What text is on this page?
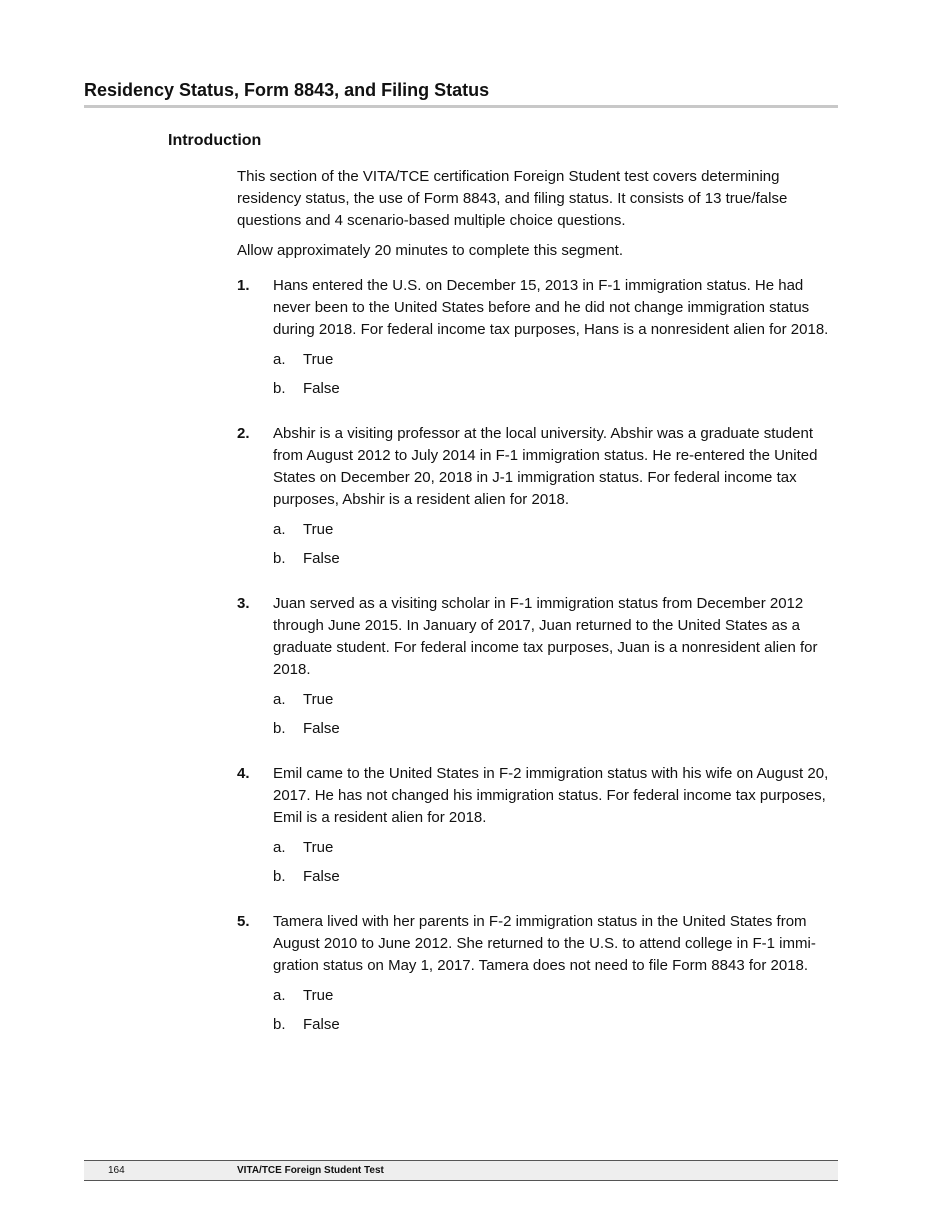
Residency Status, Form 8843, and Filing Status
Introduction

This section of the VITA/TCE certification Foreign Student test covers determining residency status, the use of Form 8843, and filing status. It consists of 13 true/false questions and 4 scenario-based multiple choice questions.

Allow approximately 20 minutes to complete this segment.

1. Hans entered the U.S. on December 15, 2013 in F-1 immigration status. He had never been to the United States before and he did not change immigration status during 2018. For federal income tax purposes, Hans is a nonresident alien for 2018.

a. True
b. False
2. Abshir is a visiting professor at the local university. Abshir was a graduate student from August 2012 to July 2014 in F-1 immigration status. He re-entered the United States on December 20, 2018 in J-1 immigration status. For federal income tax purposes, Abshir is a resident alien for 2018.

a. True
b. False
3. Juan served as a visiting scholar in F-1 immigration status from December 2012 through June 2015. In January of 2017, Juan returned to the United States as a graduate student. For federal income tax purposes, Juan is a nonresident alien for 2018.

a. True
b. False
4. Emil came to the United States in F-2 immigration status with his wife on August 20, 2017. He has not changed his immigration status. For federal income tax purposes, Emil is a resident alien for 2018.

a. True
b. False
5. Tamera lived with her parents in F-2 immigration status in the United States from August 2010 to June 2012. She returned to the U.S. to attend college in F-1 immi-gration status on May 1, 2017. Tamera does not need to file Form 8843 for 2018.

a. True
b. False
164	VITA/TCE Foreign Student Test
